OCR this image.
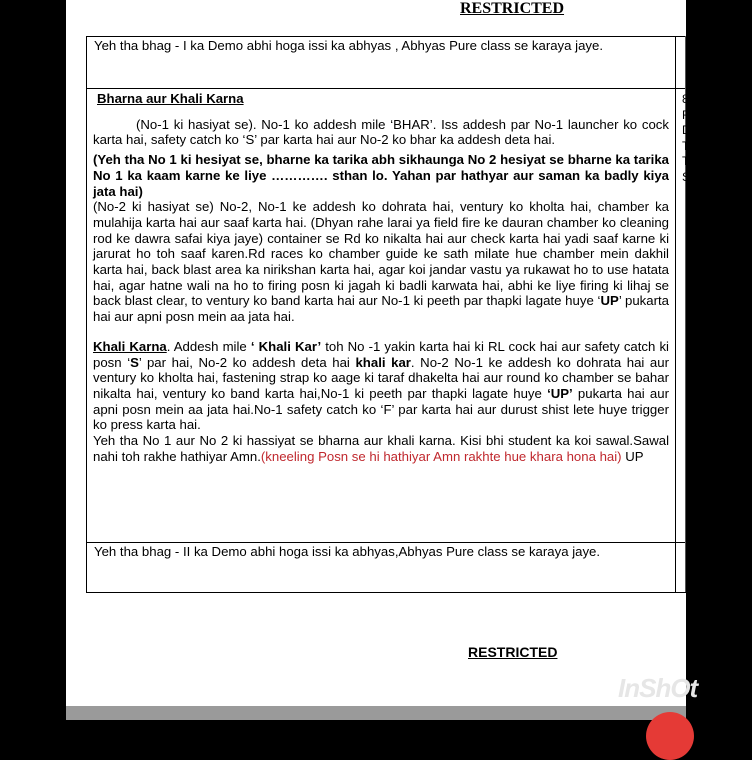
RESTRICTED
Yeh tha bhag - I ka Demo abhi hoga issi ka abhyas , Abhyas Pure class se karaya jaye.

Bharna aur Khali Karna

(No-1 ki hasiyat se). No-1 ko addesh mile ‘BHAR’. Iss addesh par No-1 launcher ko cock karta hai, safety catch ko ‘S’ par karta hai aur No-2 ko bhar ka addesh deta hai.

(Yeh tha No 1 ki hesiyat se, bharne ka tarika abh sikhaunga No 2 hesiyat se bharne ka tarika No 1 ka kaam karne ke liye …………. sthan lo. Yahan par hathyar aur saman ka badly kiya jata hai)

(No-2 ki hasiyat se) No-2, No-1 ke addesh ko dohrata hai, ventury ko kholta hai, chamber ka mulahija karta hai aur saaf karta hai. (Dhyan rahe larai ya field fire ke dauran chamber ko cleaning rod ke dawra safai kiya jaye) container se Rd ko nikalta hai aur check karta hai yadi saaf karne ki jarurat ho toh saaf karen.Rd races ko chamber guide ke sath milate hue chamber mein dakhil karta hai, back blast area ka nirikshan karta hai, agar koi jandar vastu ya rukawat ho to use hatata hai, agar hatne wali na ho to firing posn ki jagah ki badli karwata hai, abhi ke liye firing ki lihaj se back blast clear, to ventury ko band karta hai aur No-1 ki peeth par thapki lagate huye ‘UP’ pukarta hai aur apni posn mein aa jata hai.

Khali Karna. Addesh mile ‘ Khali Kar’ toh No -1 yakin karta hai ki RL cock hai aur safety catch ki posn ‘S’ par hai, No-2 ko addesh deta hai khali kar. No-2 No-1 ke addesh ko dohrata hai aur ventury ko kholta hai, fastening strap ko aage ki taraf dhakelta hai aur round ko chamber se bahar nikalta hai, ventury ko band karta hai,No-1 ki peeth par thapki lagate huye ‘UP’ pukarta hai aur apni posn mein aa jata hai.No-1 safety catch ko ‘F’ par karta hai aur durust shist lete huye trigger ko press karta hai.

Yeh tha No 1 aur No 2 ki hassiyat se bharna aur khali karna. Kisi bhi student ka koi sawal.Sawal nahi toh rakhe hathiyar Amn.(kneeling Posn se hi hathiyar Amn rakhte hue khara hona hai) UP

8
F
D
T
T
S
Yeh tha bhag - II ka Demo abhi hoga issi ka abhyas,Abhyas Pure class se karaya jaye.
RESTRICTED
InShOt
